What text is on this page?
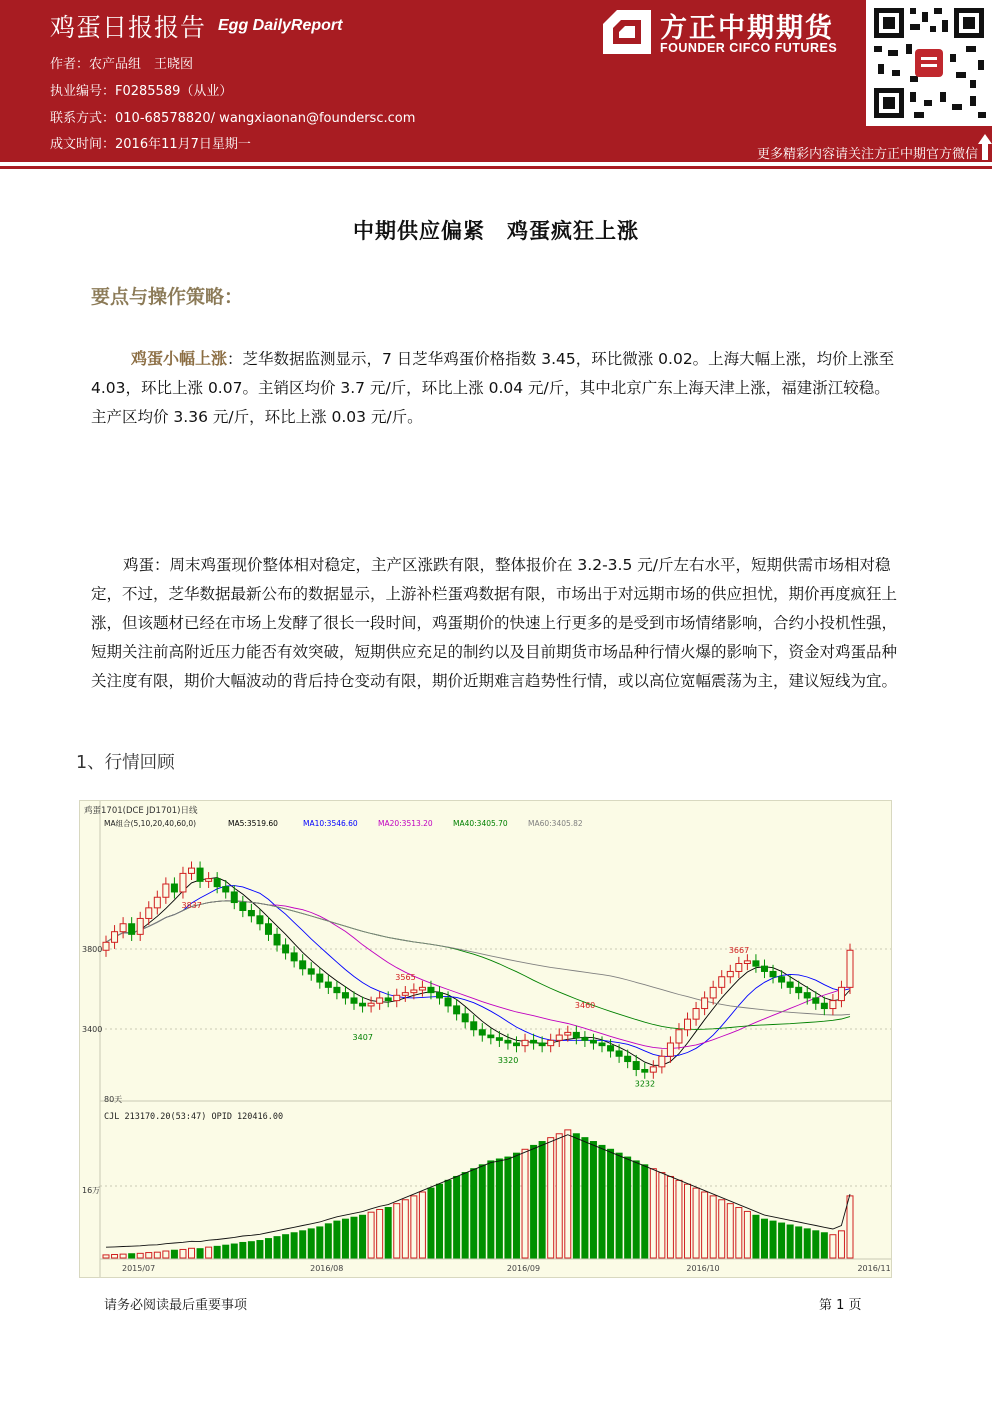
鸡蛋日报报告 Egg DailyReport
作者：农产品组　王晓囡
执业编号：F0285589（从业）
联系方式：010-68578820/ wangxiaonan@foundersc.com
成文时间：2016年11月7日星期一
方正中期期货
FOUNDER CIFCO FUTURES
更多精彩内容请关注方正中期官方微信
中期供应偏紧　鸡蛋疯狂上涨
要点与操作策略：
鸡蛋小幅上涨：芝华数据监测显示，7 日芝华鸡蛋价格指数 3.45，环比微涨 0.02。上海大幅上涨，均价上涨至 4.03，环比上涨 0.07。主销区均价 3.7 元/斤，环比上涨 0.04 元/斤，其中北京广东上海天津上涨，福建浙江较稳。主产区均价 3.36 元/斤，环比上涨 0.03 元/斤。
鸡蛋：周末鸡蛋现价整体相对稳定，主产区涨跌有限，整体报价在 3.2-3.5 元/斤左右水平，短期供需市场相对稳定，不过，芝华数据最新公布的数据显示，上游补栏蛋鸡数据有限，市场出于对远期市场的供应担忧，期价再度疯狂上涨，但该题材已经在市场上发酵了很长一段时间，鸡蛋期价的快速上行更多的是受到市场情绪影响，合约小投机性强，短期关注前高附近压力能否有效突破，短期供应充足的制约以及目前期货市场品种行情火爆的影响下，资金对鸡蛋品种关注度有限，期价大幅波动的背后持仓变动有限，期价近期难言趋势性行情，或以高位宽幅震荡为主，建议短线为宜。
1、行情回顾
鸡蛋1701(DCE JD1701)日线
MA组合(5,10,20,40,60,0)	MA5:3519.60	MA10:3546.60	MA20:3513.20	MA40:3405.70	MA60:3405.82
3800
3400
3837
3407
3565
3320
3460
3232
3667
80天
CJL 213170.20(53:47) OPID 120416.00
16万
2015/07	2016/08	2016/09	2016/10	2016/11
请务必阅读最后重要事项	第 1 页
